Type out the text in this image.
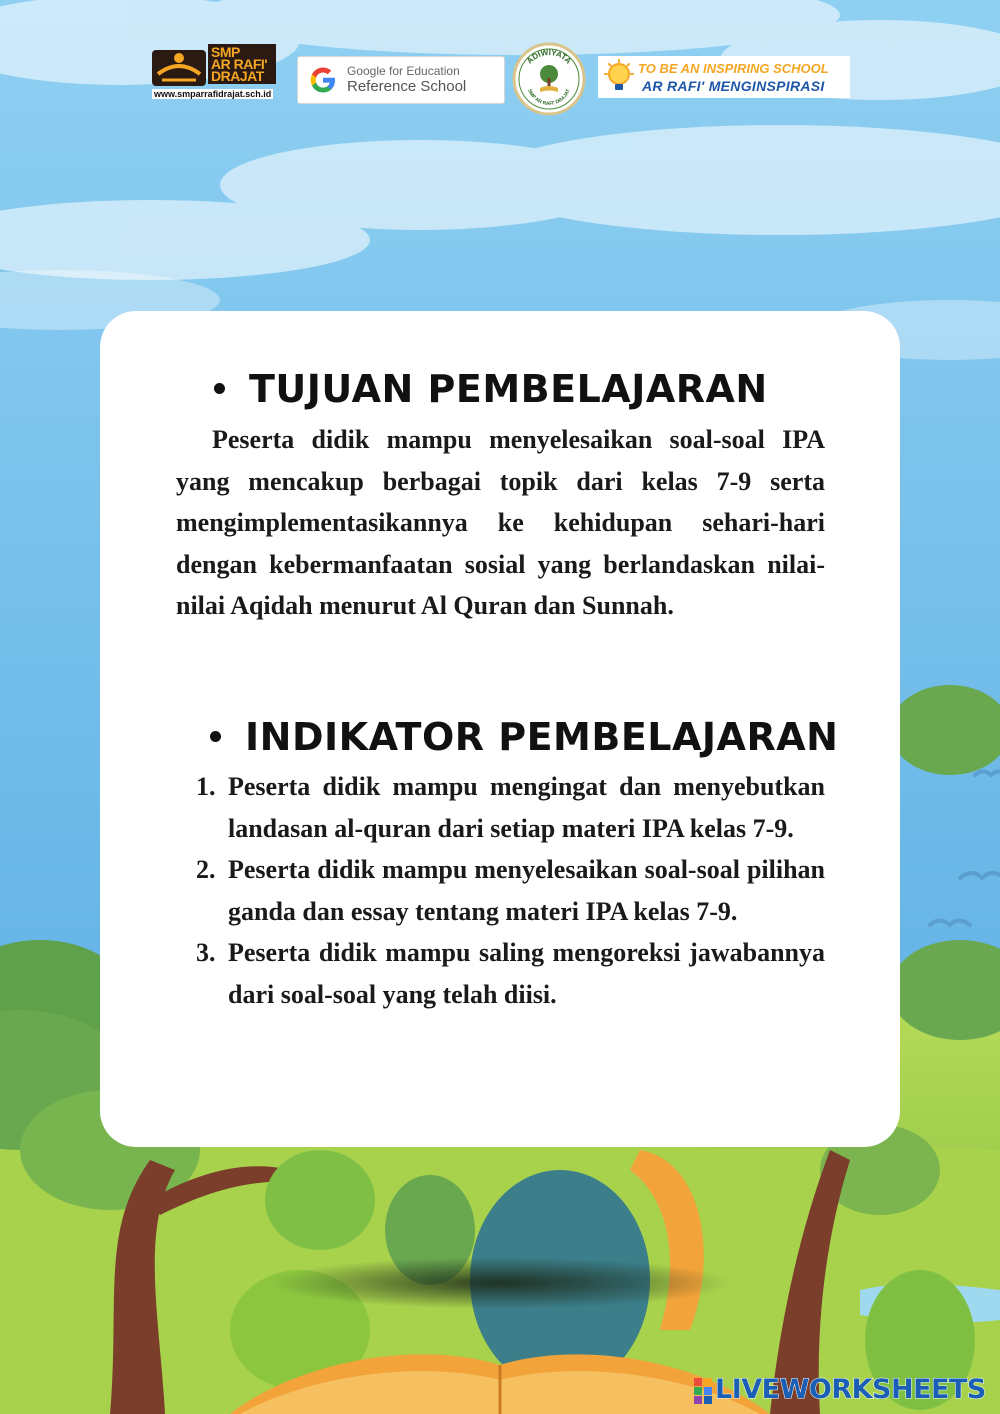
SMP
AR RAFI'
DRAJAT
www.smparrafidrajat.sch.id
Google for Education
Reference School
ADIWIYATA
SMP AR RAFI' DRAJAT
TO BE AN INSPIRING SCHOOL
AR RAFI' MENGINSPIRASI
TUJUAN PEMBELAJARAN

Peserta didik mampu menyelesaikan soal-soal IPA yang mencakup berbagai topik dari kelas 7-9 serta mengimplementasikannya ke kehidupan sehari-hari dengan kebermanfaatan sosial yang berlandaskan nilai-nilai Aqidah menurut Al Quran dan Sunnah.

INDIKATOR PEMBELAJARAN
1. Peserta didik mampu mengingat dan menyebutkan landasan al-quran dari setiap materi IPA kelas 7-9.
2. Peserta didik mampu menyelesaikan soal-soal pilihan ganda dan essay tentang materi IPA kelas 7-9.
3. Peserta didik mampu saling mengoreksi jawabannya dari soal-soal yang telah diisi.
LIVEWORKSHEETS
